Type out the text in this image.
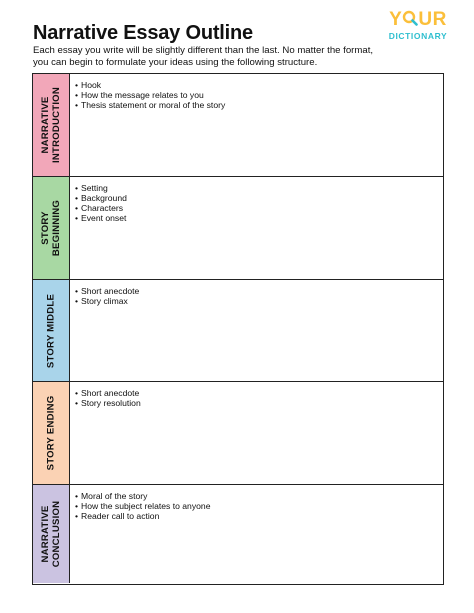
Narrative Essay Outline
Each essay you write will be slightly different than the last. No matter the format, you can begin to formulate your ideas using the following structure.
Y UR
DICTIONARY
NARRATIVE INTRODUCTION
• Hook
• How the message relates to you
• Thesis statement or moral of the story
STORY BEGINNING
• Setting
• Background
• Characters
• Event onset
STORY MIDDLE
• Short anecdote
• Story climax
STORY ENDING
• Short anecdote
• Story resolution
NARRATIVE CONCLUSION
• Moral of the story
• How the subject relates to anyone
• Reader call to action
